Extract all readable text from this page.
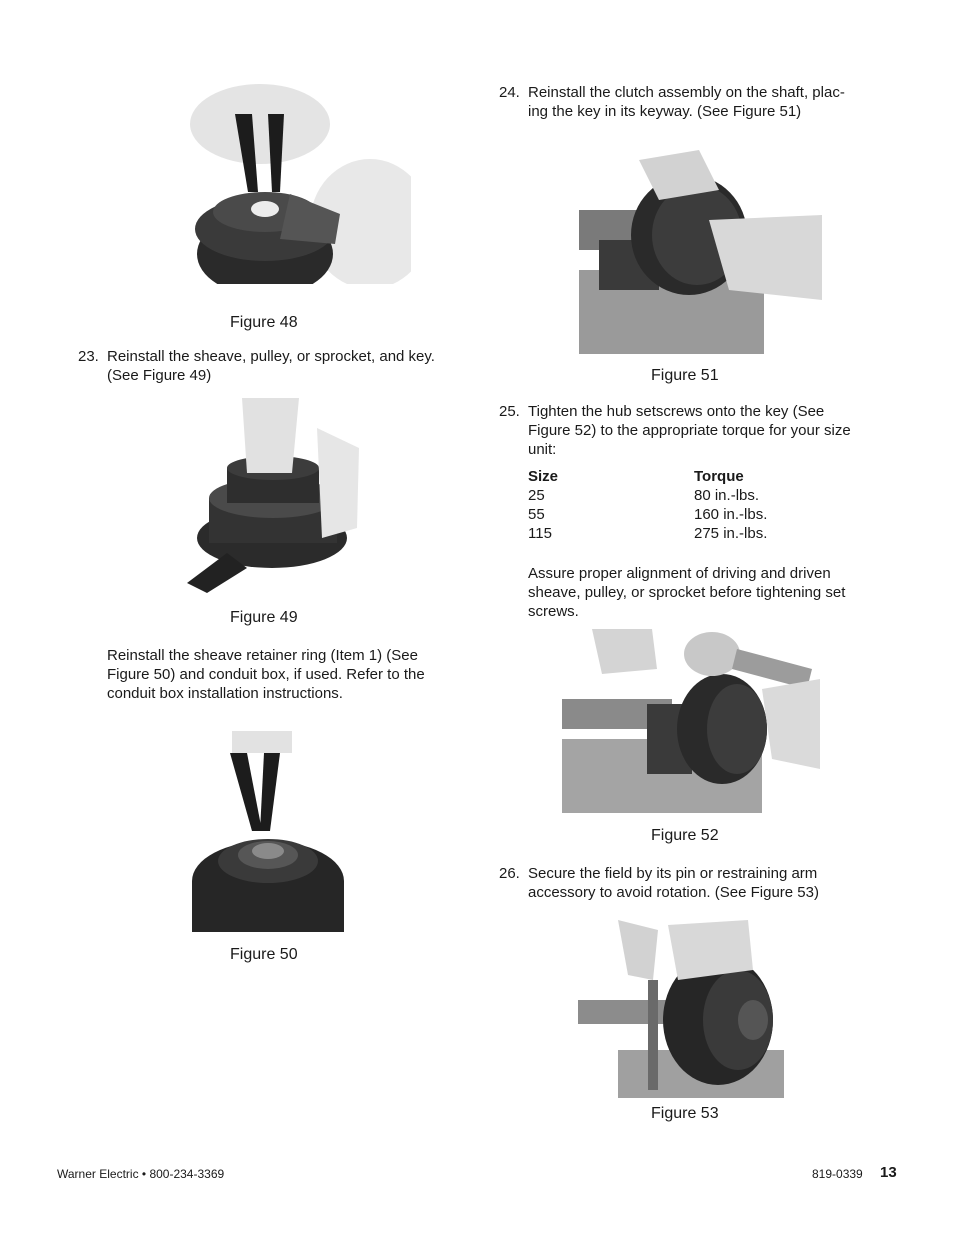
Figure 48
23. Reinstall the sheave, pulley, or sprocket, and key.
(See Figure 49)
Figure 49
Reinstall the sheave retainer ring (Item 1) (See
Figure 50) and conduit box, if used. Refer to the
conduit box installation instructions.
Figure 50
24. Reinstall the clutch assembly on the shaft, plac-
ing the key in its keyway. (See Figure 51)
Figure 51
25. Tighten the hub setscrews onto the key (See
Figure 52) to the appropriate torque for your size
unit:
Size	Torque
25	80 in.-lbs.
55	160 in.-lbs.
115	275 in.-lbs.
Assure proper alignment of driving and driven
sheave, pulley, or sprocket before tightening set
screws.
Figure 52
26. Secure the field by its pin or restraining arm
accessory to avoid rotation. (See Figure 53)
Figure 53
Warner Electric • 800-234-3369	819-0339 13
